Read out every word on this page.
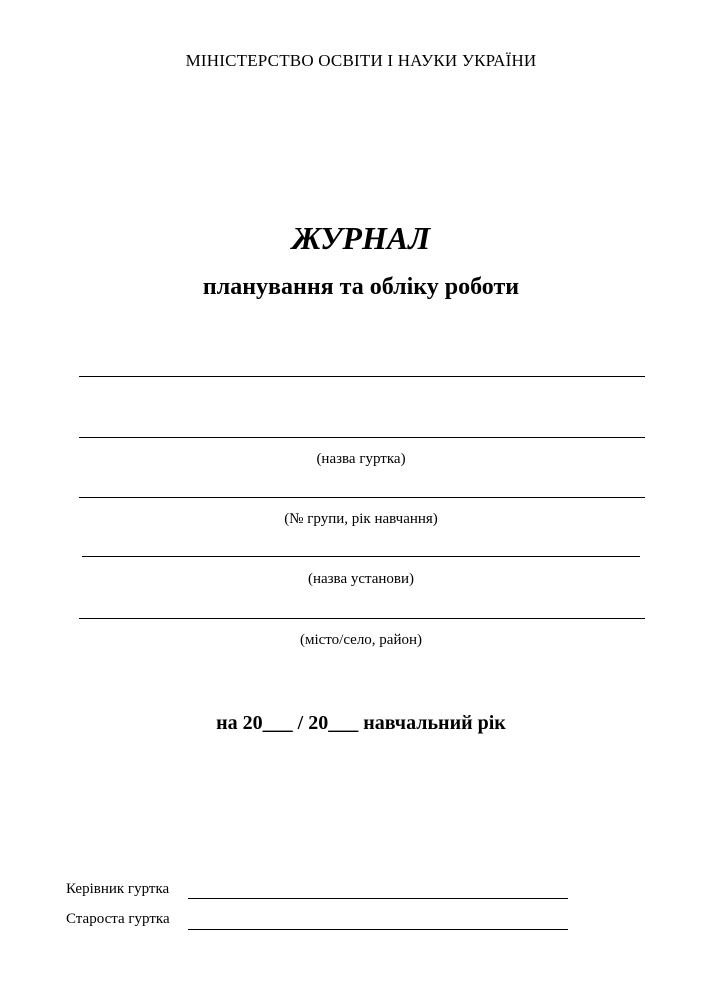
МІНІСТЕРСТВО ОСВІТИ І НАУКИ УКРАЇНИ
ЖУРНАЛ
планування та обліку роботи
(назва гуртка)
(№ групи, рік навчання)
(назва установи)
(місто/село, район)
на 20___ / 20___ навчальний рік
Керівник гуртка
Староста гуртка
